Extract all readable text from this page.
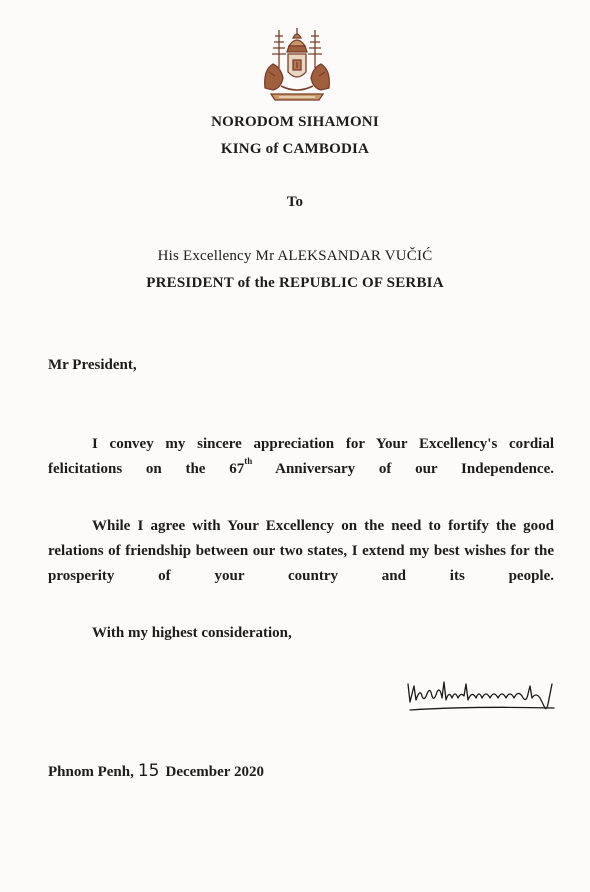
NORODOM SIHAMONI
KING of CAMBODIA
To
His Excellency Mr ALEKSANDAR VUČIĆ
PRESIDENT of the REPUBLIC OF SERBIA
Mr President,
I convey my sincere appreciation for Your Excellency's cordial felicitations on the 67th Anniversary of our Independence.
While I agree with Your Excellency on the need to fortify the good relations of friendship between our two states, I extend my best wishes for the prosperity of your country and its people.
With my highest consideration,
Phnom Penh, 15 December 2020
